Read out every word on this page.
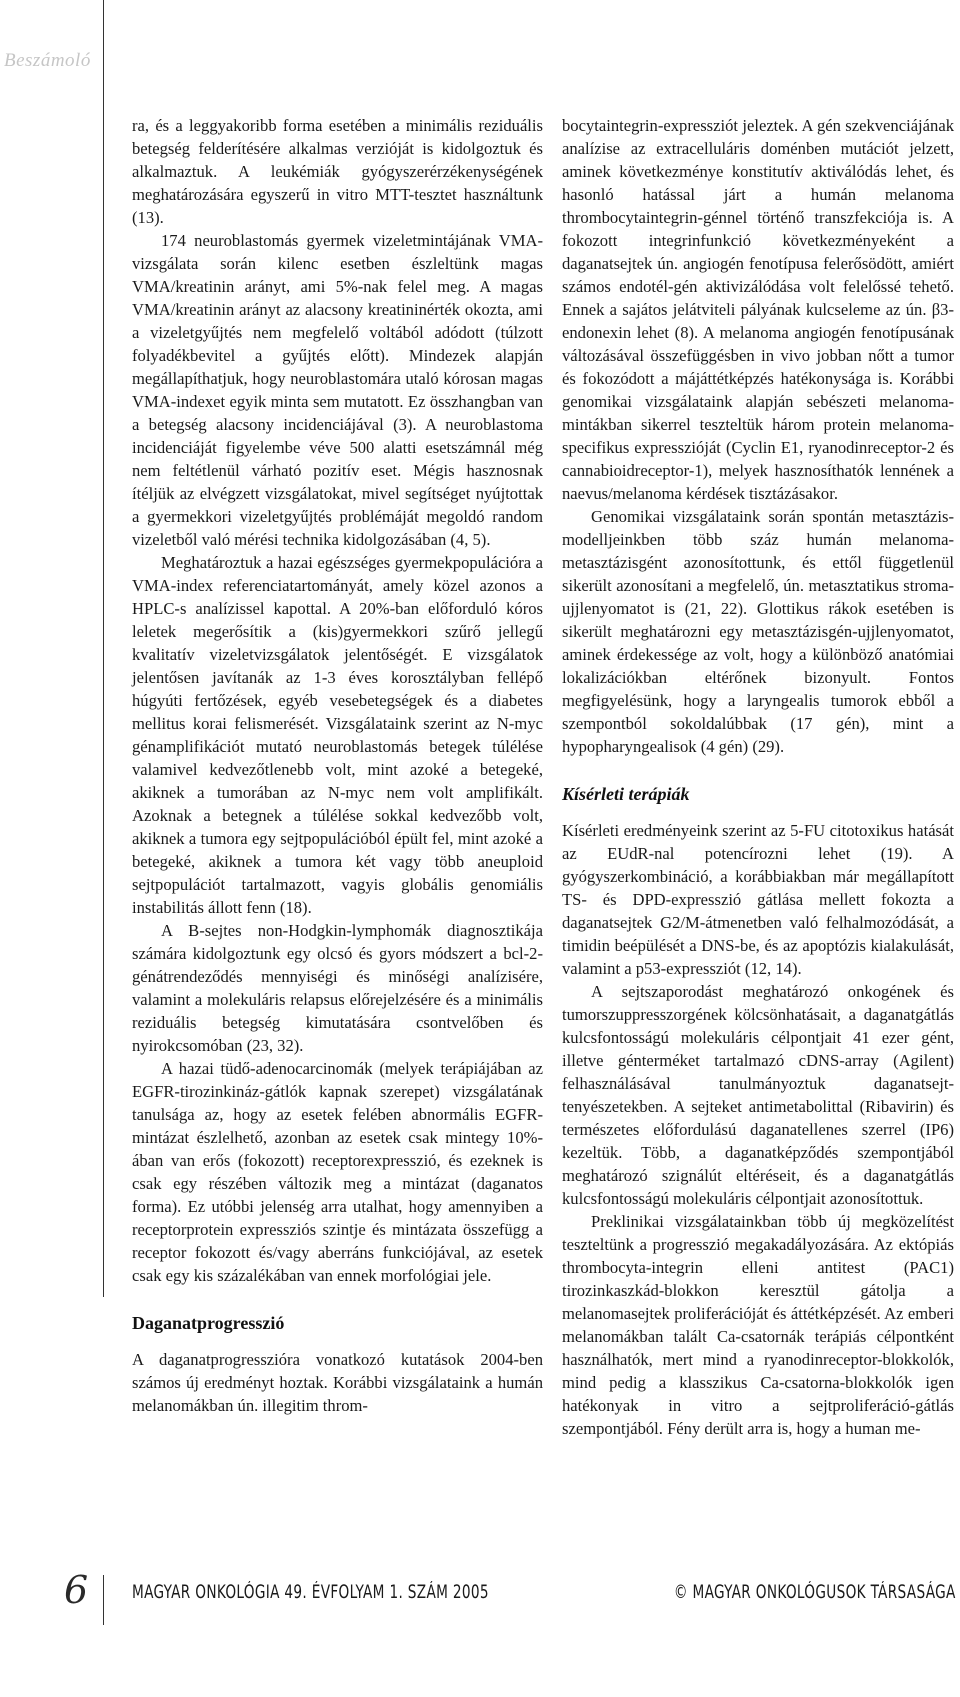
Beszámoló

ra, és a leggyakoribb forma esetében a minimális reziduális betegség felderítésére alkalmas verzióját is kidolgoztuk és alkalmaztuk. A leukémiák gyógyszerérzékenységének meghatározására egyszerű in vitro MTT-tesztet használtunk (13).

174 neuroblastomás gyermek vizeletmintájának VMA-vizsgálata során kilenc esetben észleltünk magas VMA/kreatinin arányt, ami 5%-nak felel meg. A magas VMA/kreatinin arányt az alacsony kreatininérték okozta, ami a vizeletgyűjtés nem megfelelő voltából adódott (túlzott folyadékbevitel a gyűjtés előtt). Mindezek alapján megállapíthatjuk, hogy neuroblastomára utaló kórosan magas VMA-indexet egyik minta sem mutatott. Ez összhangban van a betegség alacsony incidenciájával (3). A neuroblastoma incidenciáját figyelembe véve 500 alatti esetszámnál még nem feltétlenül várható pozitív eset. Mégis hasznosnak ítéljük az elvégzett vizsgálatokat, mivel segítséget nyújtottak a gyermekkori vizeletgyűjtés problémáját megoldó random vizeletből való mérési technika kidolgozásában (4, 5).

Meghatároztuk a hazai egészséges gyermekpopulációra a VMA-index referenciatartományát, amely közel azonos a HPLC-s analízissel kapottal. A 20%-ban előforduló kóros leletek megerősítik a (kis)gyermekkori szűrő jellegű kvalitatív vizeletvizsgálatok jelentőségét. E vizsgálatok jelentősen javítanák az 1-3 éves korosztályban fellépő húgyúti fertőzések, egyéb vesebetegségek és a diabetes mellitus korai felismerését. Vizsgálataink szerint az N-myc génamplifikációt mutató neuroblastomás betegek túlélése valamivel kedvezőtlenebb volt, mint azoké a betegeké, akiknek a tumorában az N-myc nem volt amplifikált. Azoknak a betegnek a túlélése sokkal kedvezőbb volt, akiknek a tumora egy sejtpopulációból épült fel, mint azoké a betegeké, akiknek a tumora két vagy több aneuploid sejtpopulációt tartalmazott, vagyis globális genomiális instabilitás állott fenn (18).

A B-sejtes non-Hodgkin-lymphomák diagnosztikája számára kidolgoztunk egy olcsó és gyors módszert a bcl-2-génátrendeződés mennyiségi és minőségi analízisére, valamint a molekuláris relapsus előrejelzésére és a minimális reziduális betegség kimutatására csontvelőben és nyirokcsomóban (23, 32).

A hazai tüdő-adenocarcinomák (melyek terápiájában az EGFR-tirozinkináz-gátlók kapnak szerepet) vizsgálatának tanulsága az, hogy az esetek felében abnormális EGFR-mintázat észlelhető, azonban az esetek csak mintegy 10%-ában van erős (fokozott) receptorexpresszió, és ezeknek is csak egy részében változik meg a mintázat (daganatos forma). Ez utóbbi jelenség arra utalhat, hogy amennyiben a receptorprotein expressziós szintje és mintázata összefügg a receptor fokozott és/vagy aberráns funkciójával, az esetek csak egy kis százalékában van ennek morfológiai jele.

Daganatprogresszió

A daganatprogresszióra vonatkozó kutatások 2004-ben számos új eredményt hoztak. Korábbi vizsgálataink a humán melanomákban ún. illegitim throm-

bocytaintegrin-expressziót jeleztek. A gén szekvenciájának analízise az extracelluláris doménben mutációt jelzett, aminek következménye konstitutív aktiválódás lehet, és hasonló hatással járt a humán melanoma thrombocytaintegrin-génnel történő transzfekciója is. A fokozott integrinfunkció következményeként a daganatsejtek ún. angiogén fenotípusa felerősödött, amiért számos endotél-gén aktivizálódása volt felelőssé tehető. Ennek a sajátos jelátviteli pályának kulcseleme az ún. β3-endonexin lehet (8). A melanoma angiogén fenotípusának változásával összefüggésben in vivo jobban nőtt a tumor és fokozódott a májáttétképzés hatékonysága is. Korábbi genomikai vizsgálataink alapján sebészeti melanoma-mintákban sikerrel teszteltük három protein melanoma-specifikus expresszióját (Cyclin E1, ryanodinreceptor-2 és cannabioidreceptor-1), melyek hasznosíthatók lennének a naevus/melanoma kérdések tisztázásakor.

Genomikai vizsgálataink során spontán metasztázis-modelljeinkben több száz humán melanoma-metasztázisgént azonosítottunk, és ettől függetlenül sikerült azonosítani a megfelelő, ún. metasztatikus stroma-ujjlenyomatot is (21, 22). Glottikus rákok esetében is sikerült meghatározni egy metasztázisgén-ujjlenyomatot, aminek érdekessége az volt, hogy a különböző anatómiai lokalizációkban eltérőnek bizonyult. Fontos megfigyelésünk, hogy a laryngealis tumorok ebből a szempontból sokoldalúbbak (17 gén), mint a hypopharyngealisok (4 gén) (29).

Kísérleti terápiák

Kísérleti eredményeink szerint az 5-FU citotoxikus hatását az EUdR-nal potencírozni lehet (19). A gyógyszerkombináció, a korábbiakban már megállapított TS- és DPD-expresszió gátlása mellett fokozta a daganatsejtek G2/M-átmenetben való felhalmozódását, a timidin beépülését a DNS-be, és az apoptózis kialakulását, valamint a p53-expressziót (12, 14).

A sejtszaporodást meghatározó onkogének és tumorszuppresszorgének kölcsönhatásait, a daganatgátlás kulcsfontosságú molekuláris célpontjait 41 ezer gént, illetve génterméket tartalmazó cDNS-array (Agilent) felhasználásával tanulmányoztuk daganatsejt-tenyészetekben. A sejteket antimetabolittal (Ribavirin) és természetes előfordulású daganatellenes szerrel (IP6) kezeltük. Több, a daganatképződés szempontjából meghatározó szignálút eltéréseit, és a daganatgátlás kulcsfontosságú molekuláris célpontjait azonosítottuk.

Preklinikai vizsgálatainkban több új megközelítést teszteltünk a progresszió megakadályozására. Az ektópiás thrombocyta-integrin elleni antitest (PAC1) tirozinkaszkád-blokkon keresztül gátolja a melanomasejtek proliferációját és áttétképzését. Az emberi melanomákban talált Ca-csatornák terápiás célpontként használhatók, mert mind a ryanodinreceptor-blokkolók, mind pedig a klasszikus Ca-csatorna-blokkolók igen hatékonyak in vitro a sejtproliferáció-gátlás szempontjából. Fény derült arra is, hogy a human me-

6 MAGYAR ONKOLÓGIA 49. ÉVFOLYAM 1. SZÁM 2005	© MAGYAR ONKOLÓGUSOK TÁRSASÁGA
